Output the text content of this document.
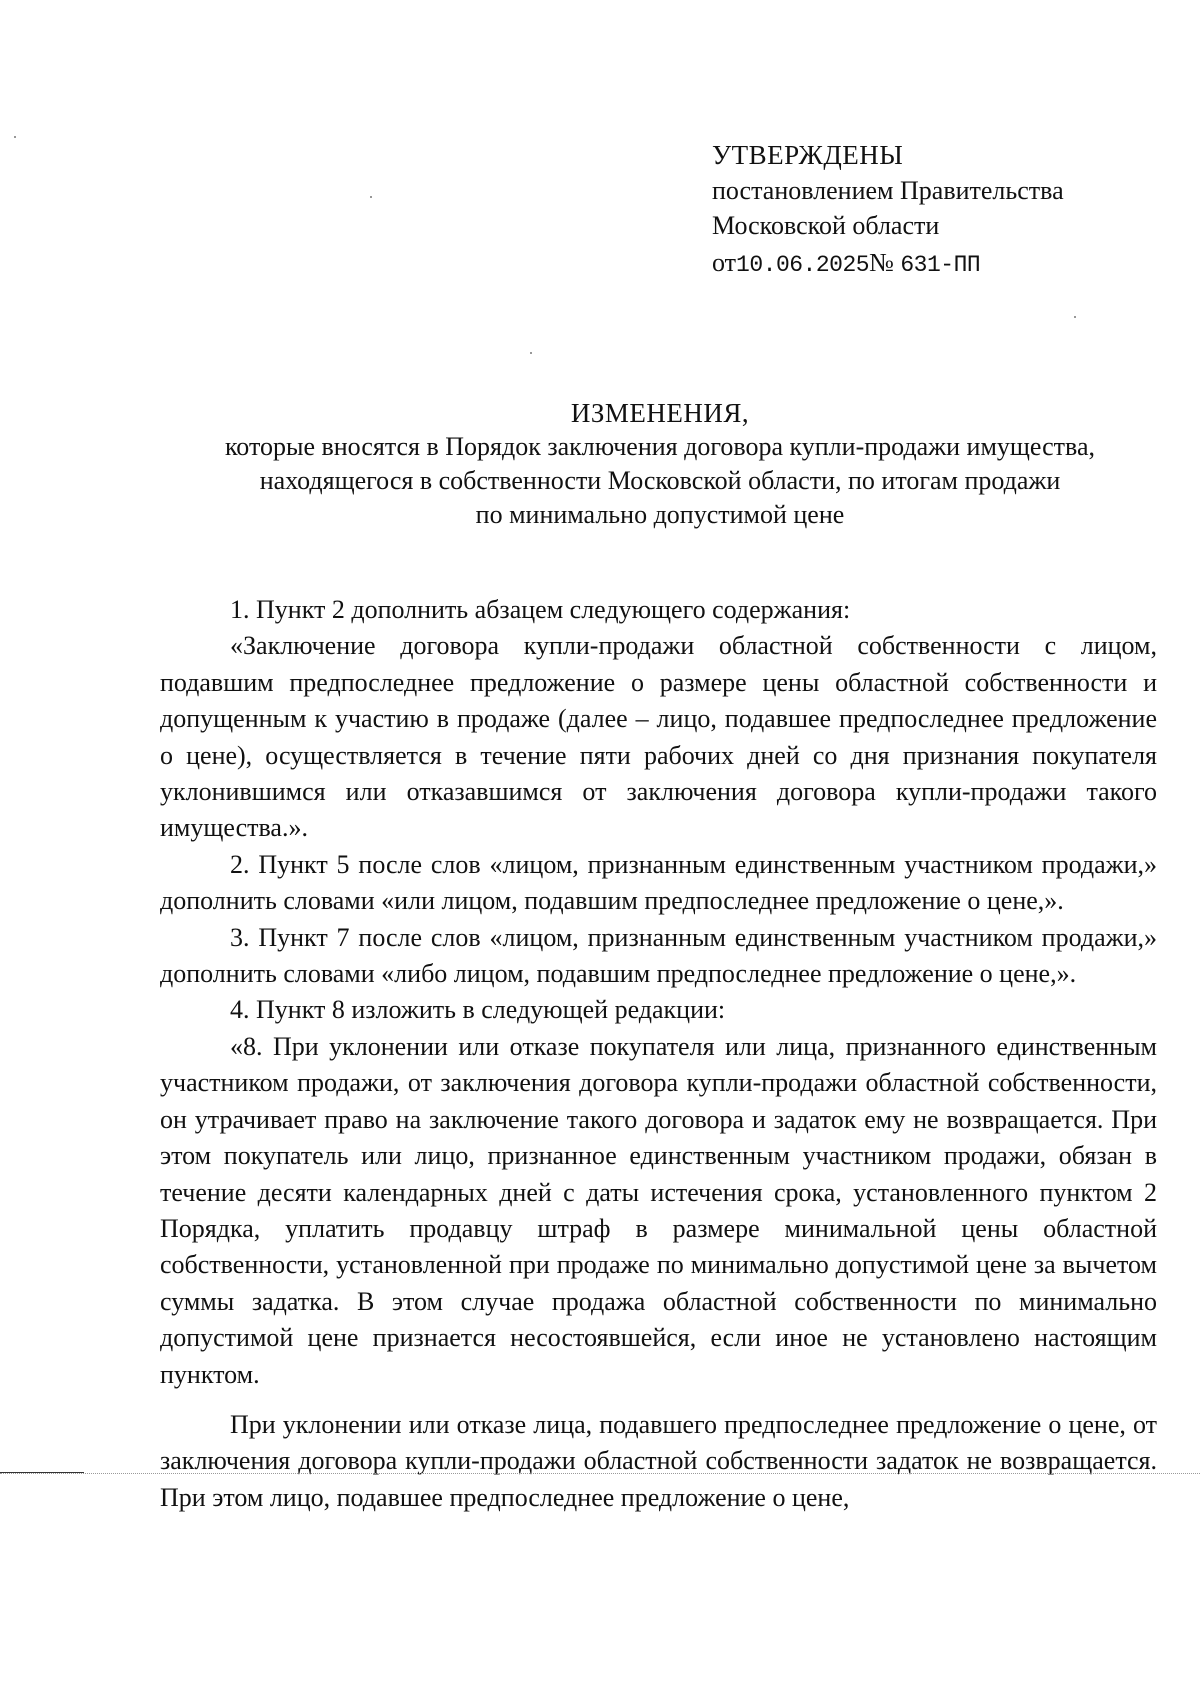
УТВЕРЖДЕНЫ
постановлением Правительства
Московской области
от10.06.2025№ 631-ПП
ИЗМЕНЕНИЯ,
которые вносятся в Порядок заключения договора купли-продажи имущества,
находящегося в собственности Московской области, по итогам продажи
по минимально допустимой цене

1. Пункт 2 дополнить абзацем следующего содержания:

«Заключение договора купли-продажи областной собственности с лицом, подавшим предпоследнее предложение о размере цены областной собственности и допущенным к участию в продаже (далее – лицо, подавшее предпоследнее предложение о цене), осуществляется в течение пяти рабочих дней со дня признания покупателя уклонившимся или отказавшимся от заключения договора купли-продажи такого имущества.».

2. Пункт 5 после слов «лицом, признанным единственным участником продажи,» дополнить словами «или лицом, подавшим предпоследнее предложение о цене,».

3. Пункт 7 после слов «лицом, признанным единственным участником продажи,» дополнить словами «либо лицом, подавшим предпоследнее предложение о цене,».

4. Пункт 8 изложить в следующей редакции:

«8. При уклонении или отказе покупателя или лица, признанного единственным участником продажи, от заключения договора купли-продажи областной собственности, он утрачивает право на заключение такого договора и задаток ему не возвращается. При этом покупатель или лицо, признанное единственным участником продажи, обязан в течение десяти календарных дней с даты истечения срока, установленного пунктом 2 Порядка, уплатить продавцу штраф в размере минимальной цены областной собственности, установленной при продаже по минимально допустимой цене за вычетом суммы задатка. В этом случае продажа областной собственности по минимально допустимой цене признается несостоявшейся, если иное не установлено настоящим пунктом.

При уклонении или отказе лица, подавшего предпоследнее предложение о цене, от заключения договора купли-продажи областной собственности задаток не возвращается. При этом лицо, подавшее предпоследнее предложение о цене,
